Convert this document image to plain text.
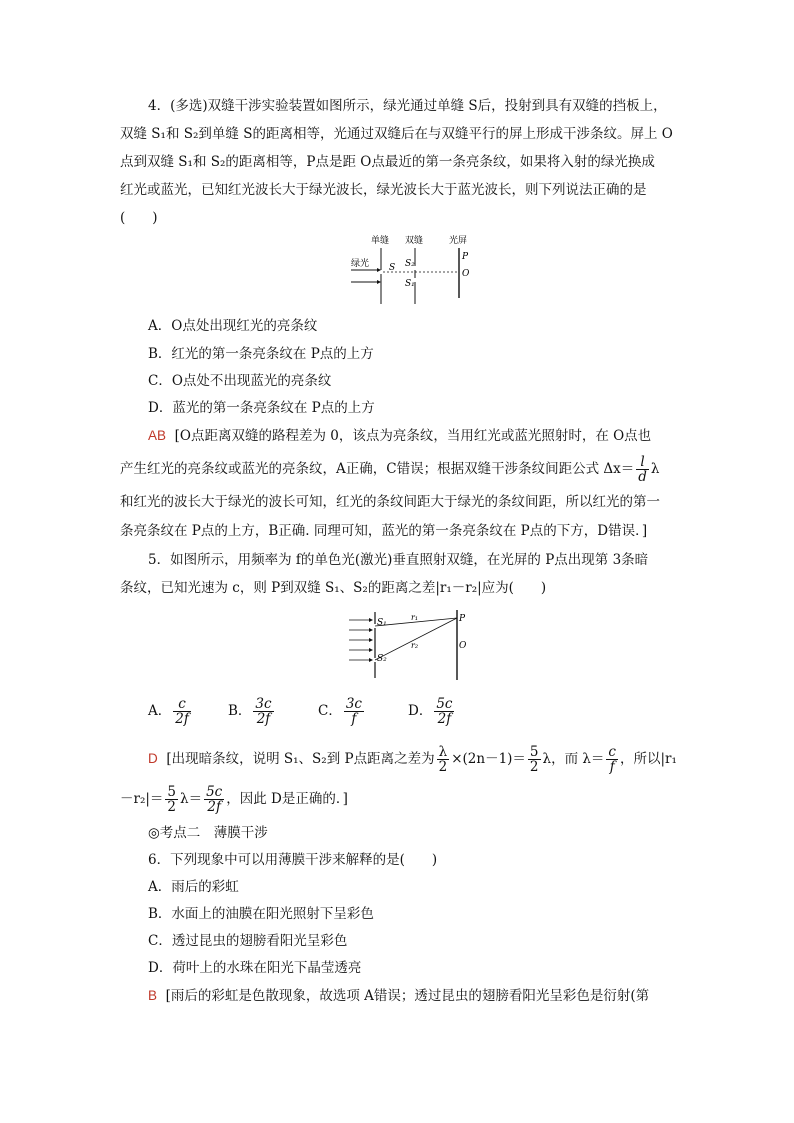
4．(多选)双缝干涉实验装置如图所示，绿光通过单缝 S后，投射到具有双缝的挡板上，
双缝 S₁和 S₂到单缝 S的距离相等，光通过双缝后在与双缝平行的屏上形成干涉条纹。屏上 O
点到双缝 S₁和 S₂的距离相等，P点是距 O点最近的第一条亮条纹，如果将入射的绿光换成
红光或蓝光，已知红光波长大于绿光波长，绿光波长大于蓝光波长，则下列说法正确的是
(　　)
单缝 双缝	光屏
绿光 S S₂
S₁
P
O
A．O点处出现红光的亮条纹
B．红光的第一条亮条纹在 P点的上方
C．O点处不出现蓝光的亮条纹
D．蓝光的第一条亮条纹在 P点的上方
AB [O点距离双缝的路程差为 0，该点为亮条纹，当用红光或蓝光照射时，在 O点也
产生红光的亮条纹或蓝光的亮条纹，A正确，C错误；根据双缝干涉条纹间距公式 $\Delta x= \frac{l}{d}$ λ
和红光的波长大于绿光的波长可知，红光的条纹间距大于绿光的条纹间距，所以红光的第一
条亮条纹在 P点的上方，B正确. 同理可知，蓝光的第一条亮条纹在 P点的下方，D错误．]
5．如图所示，用频率为 f的单色光(激光)垂直照射双缝，在光屏的 P点出现第 3条暗
条纹，已知光速为 c，则 P到双缝 S₁、S₂的距离之差|r₁－r₂|应为(　　)
S₁
S₂
r₁
r₂
P
O
A． $\frac{c}{2f}$	B． $\frac{3c}{2f}$	C． $\frac{3c}{f}$	D． $\frac{5c}{2f}$
D [出现暗条纹，说明 S₁、S₂到 P点距离之差为 $\frac{\lambda}{2} \times(2n-1)= \frac{5}{2}$ λ，而 $\lambda= \frac{c}{f}$ ，所以|r₁
$-r_2|= \frac{5}{2} \lambda= \frac{5c}{2f}$ ，因此 D是正确的．]
◎考点二　薄膜干涉
6．下列现象中可以用薄膜干涉来解释的是(　　)
A．雨后的彩虹
B．水面上的油膜在阳光照射下呈彩色
C．透过昆虫的翅膀看阳光呈彩色
D．荷叶上的水珠在阳光下晶莹透亮
B [雨后的彩虹是色散现象，故选项 A错误；透过昆虫的翅膀看阳光呈彩色是衍射(第
